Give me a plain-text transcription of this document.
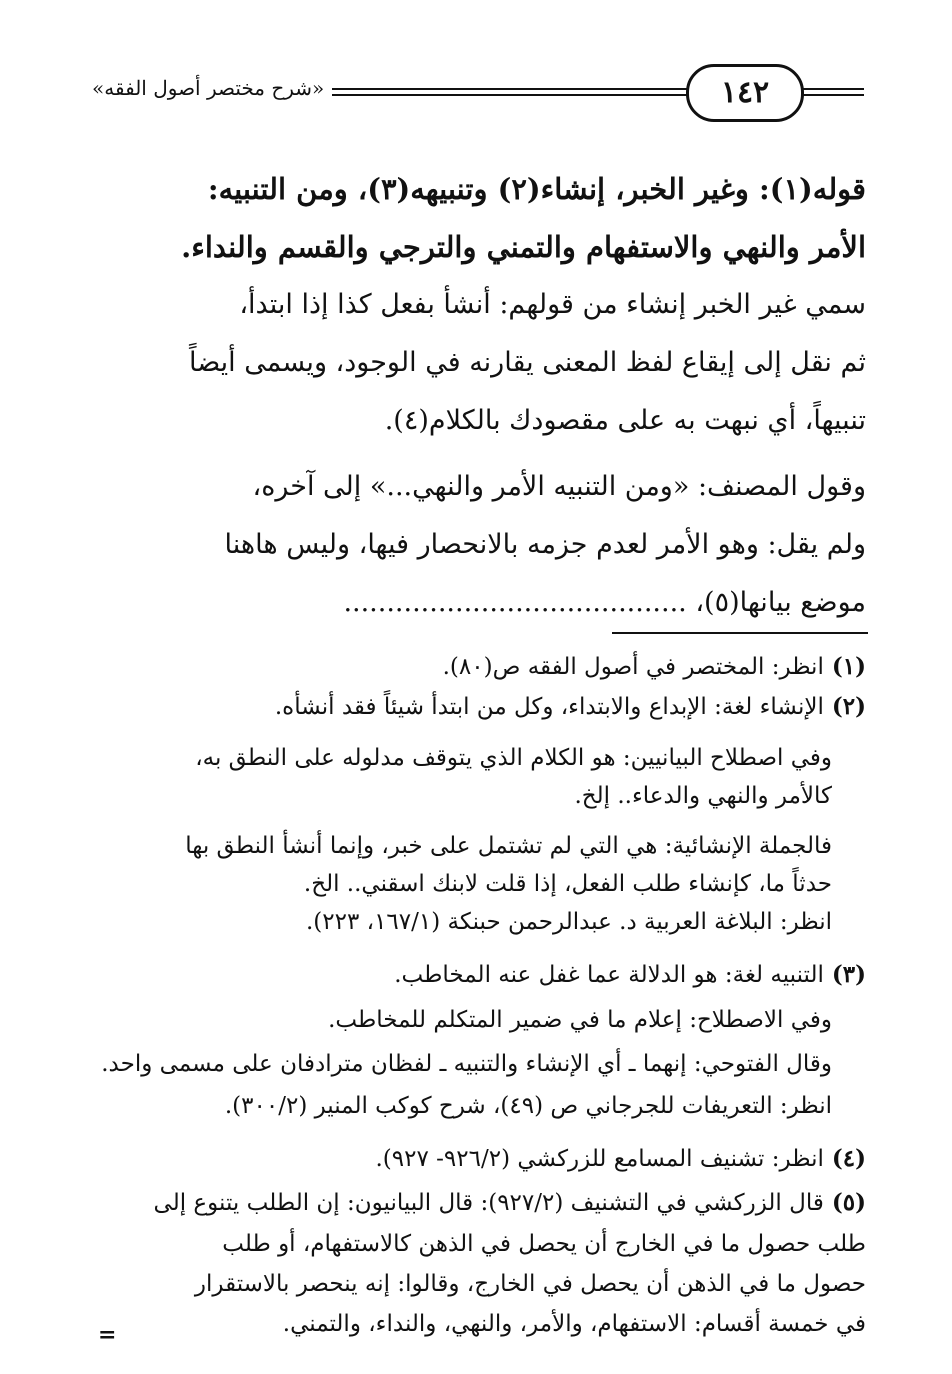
«شرح مختصر أصول الفقه»	١٤٢
قوله(١): وغير الخبر، إنشاء(٢) وتنبيهه(٣)، ومن التنبيه:
الأمر والنهي والاستفهام والتمني والترجي والقسم والنداء.
سمي غير الخبر إنشاء من قولهم: أنشأ بفعل كذا إذا ابتدأ،
ثم نقل إلى إيقاع لفظ المعنى يقارنه في الوجود، ويسمى أيضاً
تنبيهاً، أي نبهت به على مقصودك بالكلام(٤).
وقول المصنف: «ومن التنبيه الأمر والنهي...» إلى آخره،
ولم يقل: وهو الأمر لعدم جزمه بالانحصار فيها، وليس هاهنا
موضع بيانها(٥)، ........................................
(١)انظر: المختصر في أصول الفقه ص(٨٠).
(٢)الإنشاء لغة: الإبداع والابتداء، وكل من ابتدأ شيئاً فقد أنشأه.
وفي اصطلاح البيانيين: هو الكلام الذي يتوقف مدلوله على النطق به،
كالأمر والنهي والدعاء.. إلخ.
فالجملة الإنشائية: هي التي لم تشتمل على خبر، وإنما أنشأ النطق بها
حدثاً ما، كإنشاء طلب الفعل، إذا قلت لابنك اسقني.. الخ.
انظر: البلاغة العربية د. عبدالرحمن حبنكة (١٦٧/١، ٢٢٣).
(٣)التنبيه لغة: هو الدلالة عما غفل عنه المخاطب.
وفي الاصطلاح: إعلام ما في ضمير المتكلم للمخاطب.
وقال الفتوحي: إنهما ـ أي الإنشاء والتنبيه ـ لفظان مترادفان على مسمى واحد.
انظر: التعريفات للجرجاني ص (٤٩)، شرح كوكب المنير (٣٠٠/٢).
(٤)انظر: تشنيف المسامع للزركشي (٩٢٦/٢- ٩٢٧).
(٥)قال الزركشي في التشنيف (٩٢٧/٢): قال البيانيون: إن الطلب يتنوع إلى
طلب حصول ما في الخارج أن يحصل في الذهن كالاستفهام، أو طلب
حصول ما في الذهن أن يحصل في الخارج، وقالوا: إنه ينحصر بالاستقرار
في خمسة أقسام: الاستفهام، والأمر، والنهي، والنداء، والتمني.
=
